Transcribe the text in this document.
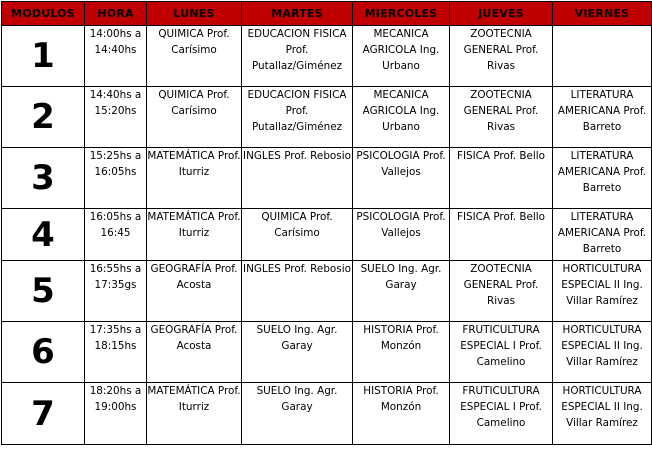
MODULOS	HORA	LUNES	MARTES	MIERCOLES	JUEVES	VIERNES
1	14:00hs a 14:40hs	QUIMICA Prof. Carísimo	EDUCACION FISICA Prof. Putallaz/Giménez	MECANICA AGRICOLA Ing. Urbano	ZOOTECNIA GENERAL Prof. Rivas	
2	14:40hs a 15:20hs	QUIMICA Prof. Carísimo	EDUCACION FISICA Prof. Putallaz/Giménez	MECANICA AGRICOLA Ing. Urbano	ZOOTECNIA GENERAL Prof. Rivas	LITERATURA AMERICANA Prof. Barreto
3	15:25hs a 16:05hs	MATEMÁTICA Prof. Iturriz	INGLES Prof. Rebosio	PSICOLOGIA Prof. Vallejos	FISICA Prof. Bello	LITERATURA AMERICANA Prof. Barreto
4	16:05hs a 16:45	MATEMÁTICA Prof. Iturriz	QUIMICA Prof. Carísimo	PSICOLOGIA Prof. Vallejos	FISICA Prof. Bello	LITERATURA AMERICANA Prof. Barreto
5	16:55hs a 17:35gs	GEOGRAFÍA Prof. Acosta	INGLES Prof. Rebosio	SUELO Ing. Agr. Garay	ZOOTECNIA GENERAL Prof. Rivas	HORTICULTURA ESPECIAL II Ing. Villar Ramírez
6	17:35hs a 18:15hs	GEOGRAFÍA Prof. Acosta	SUELO Ing. Agr. Garay	HISTORIA Prof. Monzón	FRUTICULTURA ESPECIAL I Prof. Camelino	HORTICULTURA ESPECIAL II Ing. Villar Ramírez
7	18:20hs a 19:00hs	MATEMÁTICA Prof. Iturriz	SUELO Ing. Agr. Garay	HISTORIA Prof. Monzón	FRUTICULTURA ESPECIAL I Prof. Camelino	HORTICULTURA ESPECIAL II Ing. Villar Ramírez
